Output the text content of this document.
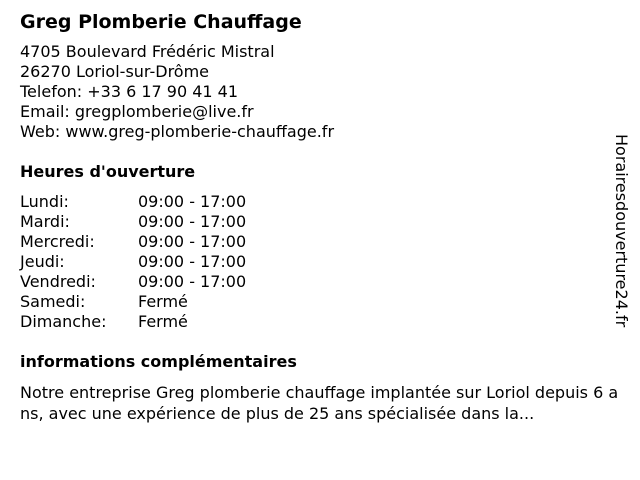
Greg Plomberie Chauffage
4705 Boulevard Frédéric Mistral
26270 Loriol-sur-Drôme
Telefon: +33 6 17 90 41 41
Email: gregplomberie@live.fr
Web: www.greg-plomberie-chauffage.fr
Heures d'ouverture
Lundi:	09:00 - 17:00
Mardi:	09:00 - 17:00
Mercredi:	09:00 - 17:00
Jeudi:	09:00 - 17:00
Vendredi:	09:00 - 17:00
Samedi:	Fermé
Dimanche:	Fermé
informations complémentaires
Notre entreprise Greg plomberie chauffage implantée sur Loriol depuis 6 ans, avec une expérience de plus de 25 ans spécialisée dans la...
Horairesdouverture24.fr
